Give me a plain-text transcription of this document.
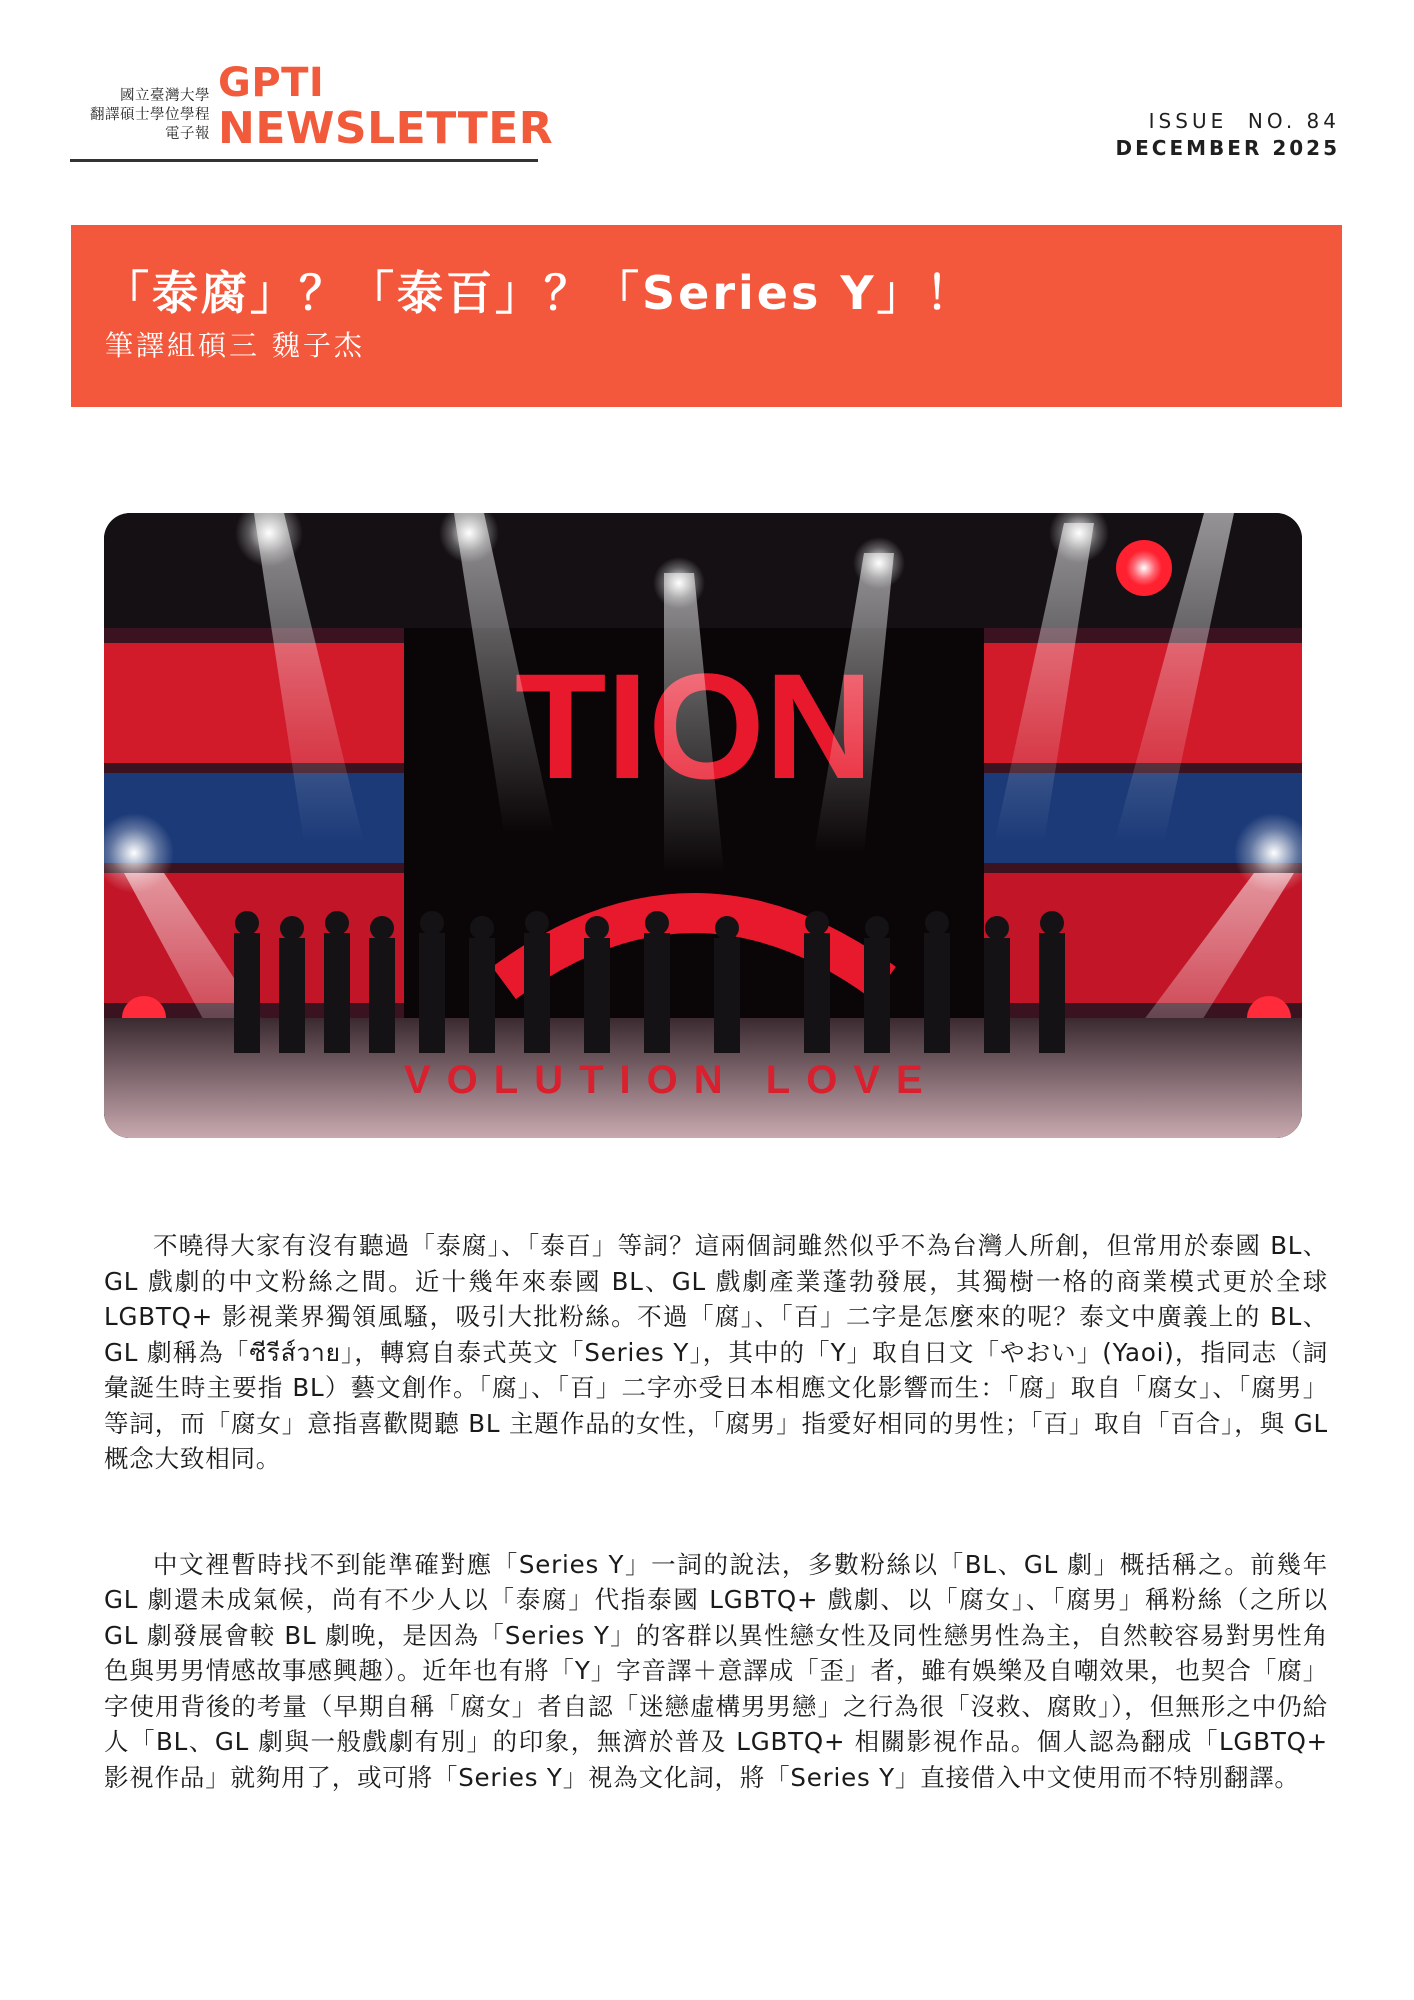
國立臺灣大學
翻譯碩士學位學程
電子報
GPTI
NEWSLETTER	ISSUE  NO. 84
DECEMBER 2025
「泰腐」？「泰百」？「Series Y」！
筆譯組碩三 魏子杰
VOLUTION LOVE

不曉得大家有沒有聽過「泰腐」、「泰百」等詞？這兩個詞雖然似乎不為台灣人所創，但常用於泰國 BL、GL 戲劇的中文粉絲之間。近十幾年來泰國 BL、GL 戲劇產業蓬勃發展，其獨樹一格的商業模式更於全球 LGBTQ+ 影視業界獨領風騷，吸引大批粉絲。不過「腐」、「百」二字是怎麼來的呢？泰文中廣義上的 BL、GL 劇稱為「ซีรีส์วาย」，轉寫自泰式英文「Series Y」，其中的「Y」取自日文「やおい」(Yaoi)，指同志（詞彙誕生時主要指 BL）藝文創作。「腐」、「百」二字亦受日本相應文化影響而生：「腐」取自「腐女」、「腐男」等詞，而「腐女」意指喜歡閱聽 BL 主題作品的女性，「腐男」指愛好相同的男性；「百」取自「百合」，與 GL 概念大致相同。

中文裡暫時找不到能準確對應「Series Y」一詞的說法，多數粉絲以「BL、GL 劇」概括稱之。前幾年 GL 劇還未成氣候，尚有不少人以「泰腐」代指泰國 LGBTQ+ 戲劇、以「腐女」、「腐男」稱粉絲（之所以 GL 劇發展會較 BL 劇晚，是因為「Series Y」的客群以異性戀女性及同性戀男性為主，自然較容易對男性角色與男男情感故事感興趣）。近年也有將「Y」字音譯＋意譯成「歪」者，雖有娛樂及自嘲效果，也契合「腐」字使用背後的考量（早期自稱「腐女」者自認「迷戀虛構男男戀」之行為很「沒救、腐敗」），但無形之中仍給人「BL、GL 劇與一般戲劇有別」的印象，無濟於普及 LGBTQ+ 相關影視作品。個人認為翻成「LGBTQ+ 影視作品」就夠用了，或可將「Series Y」視為文化詞，將「Series Y」直接借入中文使用而不特別翻譯。
